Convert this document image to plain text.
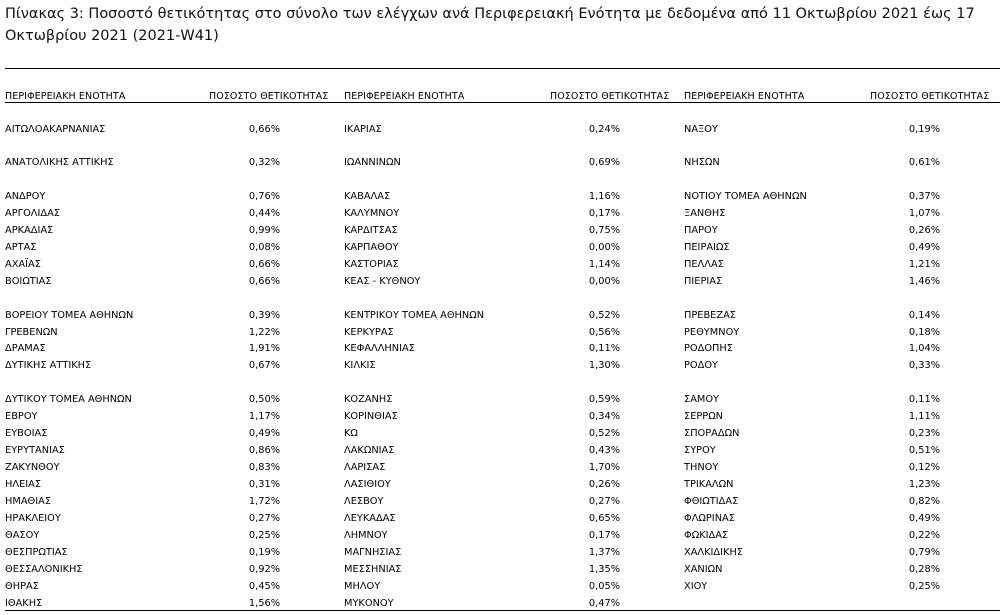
Πίνακας 3: Ποσοστό θετικότητας στο σύνολο των ελέγχων ανά Περιφερειακή Ενότητα με δεδομένα από 11 Οκτωβρίου 2021 έως 17 Οκτωβρίου 2021 (2021-W41)
ΠΕΡΙΦΕΡΕΙΑΚΗ ΕΝΟΤΗΤΑ	ΠΟΣΟΣΤΟ ΘΕΤΙΚΟΤΗΤΑΣ ΠΕΡΙΦΕΡΕΙΑΚΗ ΕΝΟΤΗΤΑ	ΠΟΣΟΣΤΟ ΘΕΤΙΚΟΤΗΤΑΣ ΠΕΡΙΦΕΡΕΙΑΚΗ ΕΝΟΤΗΤΑ	ΠΟΣΟΣΤΟ ΘΕΤΙΚΟΤΗΤΑΣ
ΑΙΤΩΛΟΑΚΑΡΝΑΝΙΑΣ	0,66%
ΑΝΑΤΟΛΙΚΗΣ ΑΤΤΙΚΗΣ	0,32%
ΑΝΔΡΟΥ	0,76%
ΑΡΓΟΛΙΔΑΣ	0,44%
ΑΡΚΑΔΙΑΣ	0,99%
ΑΡΤΑΣ	0,08%
ΑΧΑΪΑΣ	0,66%
ΒΟΙΩΤΙΑΣ	0,66%
ΒΟΡΕΙΟΥ ΤΟΜΕΑ ΑΘΗΝΩΝ	0,39%
ΓΡΕΒΕΝΩΝ	1,22%
ΔΡΑΜΑΣ	1,91%
ΔΥΤΙΚΗΣ ΑΤΤΙΚΗΣ	0,67%
ΔΥΤΙΚΟΥ ΤΟΜΕΑ ΑΘΗΝΩΝ	0,50%
ΕΒΡΟΥ	1,17%
ΕΥΒΟΙΑΣ	0,49%
ΕΥΡΥΤΑΝΙΑΣ	0,86%
ΖΑΚΥΝΘΟΥ	0,83%
ΗΛΕΙΑΣ	0,31%
ΗΜΑΘΙΑΣ	1,72%
ΗΡΑΚΛΕΙΟΥ	0,27%
ΘΑΣΟΥ	0,25%
ΘΕΣΠΡΩΤΙΑΣ	0,19%
ΘΕΣΣΑΛΟΝΙΚΗΣ	0,92%
ΘΗΡΑΣ	0,45%
ΙΘΑΚΗΣ	1,56%
ΙΚΑΡΙΑΣ	0,24%
ΙΩΑΝΝΙΝΩΝ	0,69%
ΚΑΒΑΛΑΣ	1,16%
ΚΑΛΥΜΝΟΥ	0,17%
ΚΑΡΔΙΤΣΑΣ	0,75%
ΚΑΡΠΑΘΟΥ	0,00%
ΚΑΣΤΟΡΙΑΣ	1,14%
ΚΕΑΣ - ΚΥΘΝΟΥ	0,00%
ΚΕΝΤΡΙΚΟΥ ΤΟΜΕΑ ΑΘΗΝΩΝ	0,52%
ΚΕΡΚΥΡΑΣ	0,56%
ΚΕΦΑΛΛΗΝΙΑΣ	0,11%
ΚΙΛΚΙΣ	1,30%
ΚΟΖΑΝΗΣ	0,59%
ΚΟΡΙΝΘΙΑΣ	0,34%
ΚΩ	0,52%
ΛΑΚΩΝΙΑΣ	0,43%
ΛΑΡΙΣΑΣ	1,70%
ΛΑΣΙΘΙΟΥ	0,26%
ΛΕΣΒΟΥ	0,27%
ΛΕΥΚΑΔΑΣ	0,65%
ΛΗΜΝΟΥ	0,17%
ΜΑΓΝΗΣΙΑΣ	1,37%
ΜΕΣΣΗΝΙΑΣ	1,35%
ΜΗΛΟΥ	0,05%
ΜΥΚΟΝΟΥ	0,47%
ΝΑΞΟΥ	0,19%
ΝΗΣΩΝ	0,61%
ΝΟΤΙΟΥ ΤΟΜΕΑ ΑΘΗΝΩΝ	0,37%
ΞΑΝΘΗΣ	1,07%
ΠΑΡΟΥ	0,26%
ΠΕΙΡΑΙΩΣ	0,49%
ΠΕΛΛΑΣ	1,21%
ΠΙΕΡΙΑΣ	1,46%
ΠΡΕΒΕΖΑΣ	0,14%
ΡΕΘΥΜΝΟΥ	0,18%
ΡΟΔΟΠΗΣ	1,04%
ΡΟΔΟΥ	0,33%
ΣΑΜΟΥ	0,11%
ΣΕΡΡΩΝ	1,11%
ΣΠΟΡΑΔΩΝ	0,23%
ΣΥΡΟΥ	0,51%
ΤΗΝΟΥ	0,12%
ΤΡΙΚΑΛΩΝ	1,23%
ΦΘΙΩΤΙΔΑΣ	0,82%
ΦΛΩΡΙΝΑΣ	0,49%
ΦΩΚΙΔΑΣ	0,22%
ΧΑΛΚΙΔΙΚΗΣ	0,79%
ΧΑΝΙΩΝ	0,28%
ΧΙΟΥ	0,25%
